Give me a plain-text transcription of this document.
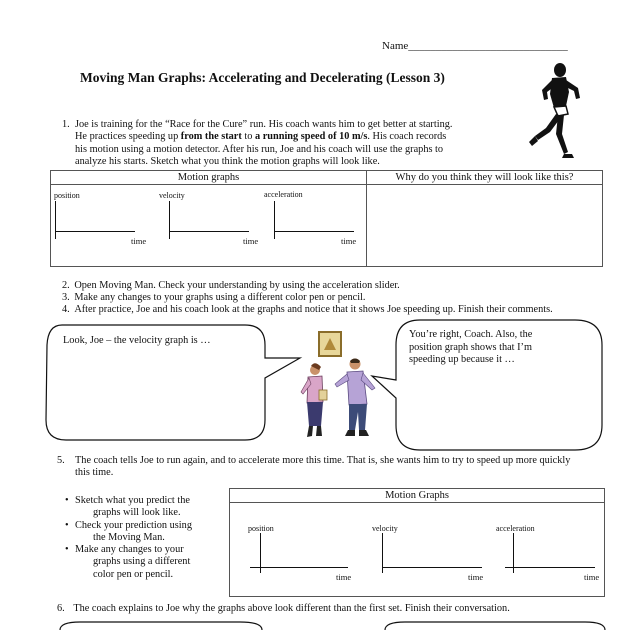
Name_____________________________
Moving Man Graphs: Accelerating and Decelerating (Lesson 3)
1. Joe is training for the “Race for the Cure” run. His coach wants him to get better at starting.
He practices speeding up from the start to a running speed of 10 m/s. His coach records
his motion using a motion detector. After his run, Joe and his coach will use the graphs to
analyze his starts. Sketch what you think the motion graphs will look like.
Motion graphs	Why do you think they will look like this?
position
time
velocity
time
acceleration
time
2. Open Moving Man. Check your understanding by using the acceleration slider.
3. Make any changes to your graphs using a different color pen or pencil.
4. After practice, Joe and his coach look at the graphs and notice that it shows Joe speeding up. Finish their comments.
Look, Joe – the velocity graph is …
You’re right, Coach. Also, the
position graph shows that I’m
speeding up because it …
5. The coach tells Joe to run again, and to accelerate more this time. That is, she wants him to try to speed up more quickly
this time.
• Sketch what you predict the
graphs will look like.
• Check your prediction using
the Moving Man.
• Make any changes to your
graphs using a different
color pen or pencil.
Motion Graphs
position
time
velocity
time
acceleration
time
6. The coach explains to Joe why the graphs above look different than the first set. Finish their conversation.
